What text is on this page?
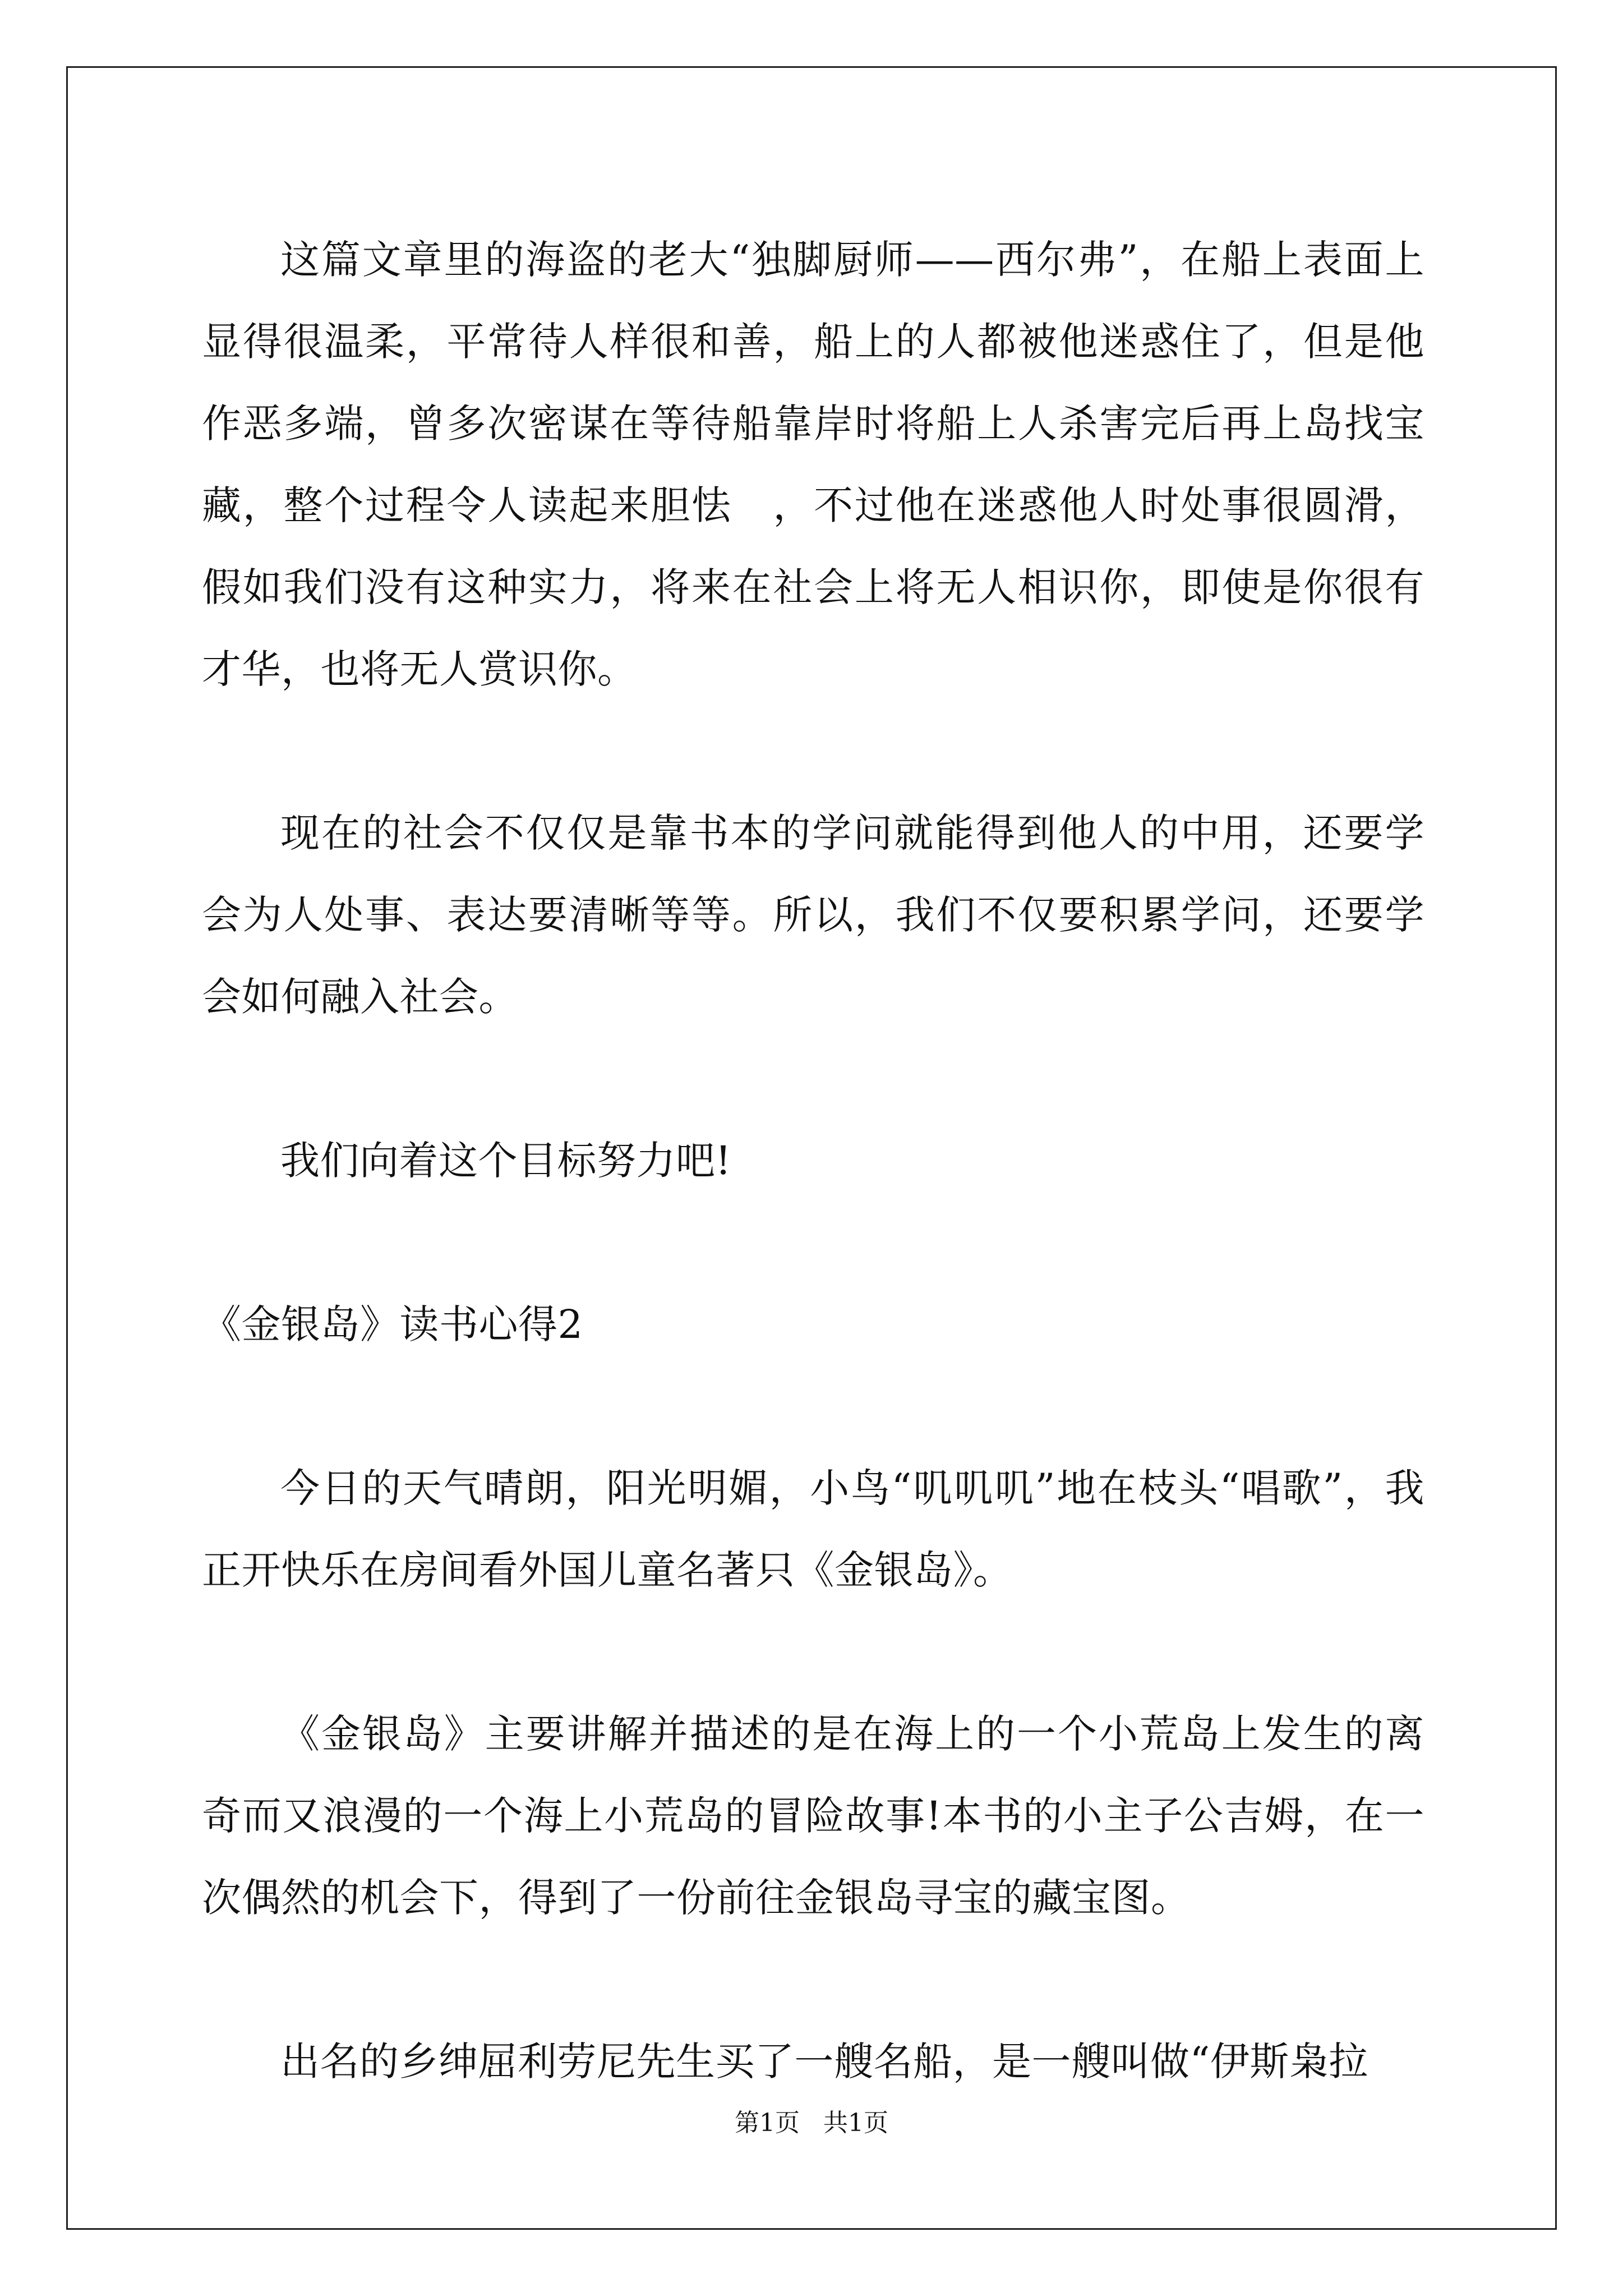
这篇文章里的海盗的老大“独脚厨师——西尔弗”，在船上表面上显得很温柔，平常待人样很和善，船上的人都被他迷惑住了，但是他作恶多端，曾多次密谋在等待船靠岸时将船上人杀害完后再上岛找宝藏，整个过程令人读起来胆怯　，不过他在迷惑他人时处事很圆滑，假如我们没有这种实力，将来在社会上将无人相识你，即使是你很有才华，也将无人赏识你。

现在的社会不仅仅是靠书本的学问就能得到他人的中用，还要学会为人处事、表达要清晰等等。所以，我们不仅要积累学问，还要学会如何融入社会。

我们向着这个目标努力吧!

《金银岛》读书心得2

今日的天气晴朗，阳光明媚，小鸟“叽叽叽”地在枝头“唱歌”，我正开快乐在房间看外国儿童名著只《金银岛》。

《金银岛》主要讲解并描述的是在海上的一个小荒岛上发生的离奇而又浪漫的一个海上小荒岛的冒险故事!本书的小主子公吉姆，在一次偶然的机会下，得到了一份前往金银岛寻宝的藏宝图。

出名的乡绅屈利劳尼先生买了一艘名船，是一艘叫做“伊斯枭拉

第1页 共1页
